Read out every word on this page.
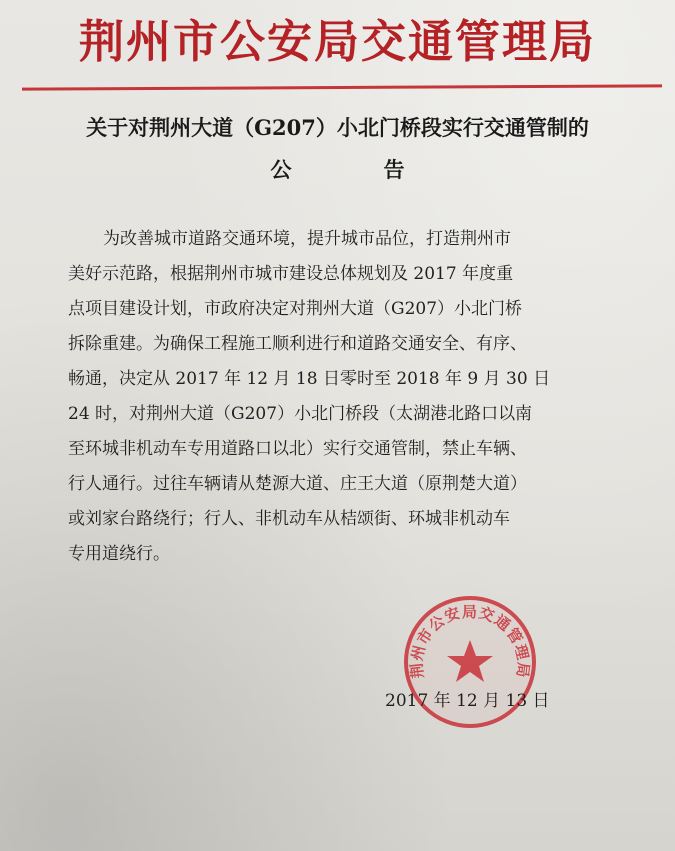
荆州市公安局交通管理局
关于对荆州大道（G207）小北门桥段实行交通管制的
公告
为改善城市道路交通环境，提升城市品位，打造荆州市
美好示范路，根据荆州市城市建设总体规划及 2017 年度重
点项目建设计划，市政府决定对荆州大道（G207）小北门桥
拆除重建。为确保工程施工顺利进行和道路交通安全、有序、
畅通，决定从 2017 年 12 月 18 日零时至 2018 年 9 月 30 日
24 时，对荆州大道（G207）小北门桥段（太湖港北路口以南
至环城非机动车专用道路口以北）实行交通管制，禁止车辆、
行人通行。过往车辆请从楚源大道、庄王大道（原荆楚大道）
或刘家台路绕行；行人、非机动车从桔颂街、环城非机动车
专用道绕行。
荆州市公安局交通管理局
2017 年 12 月 13 日
